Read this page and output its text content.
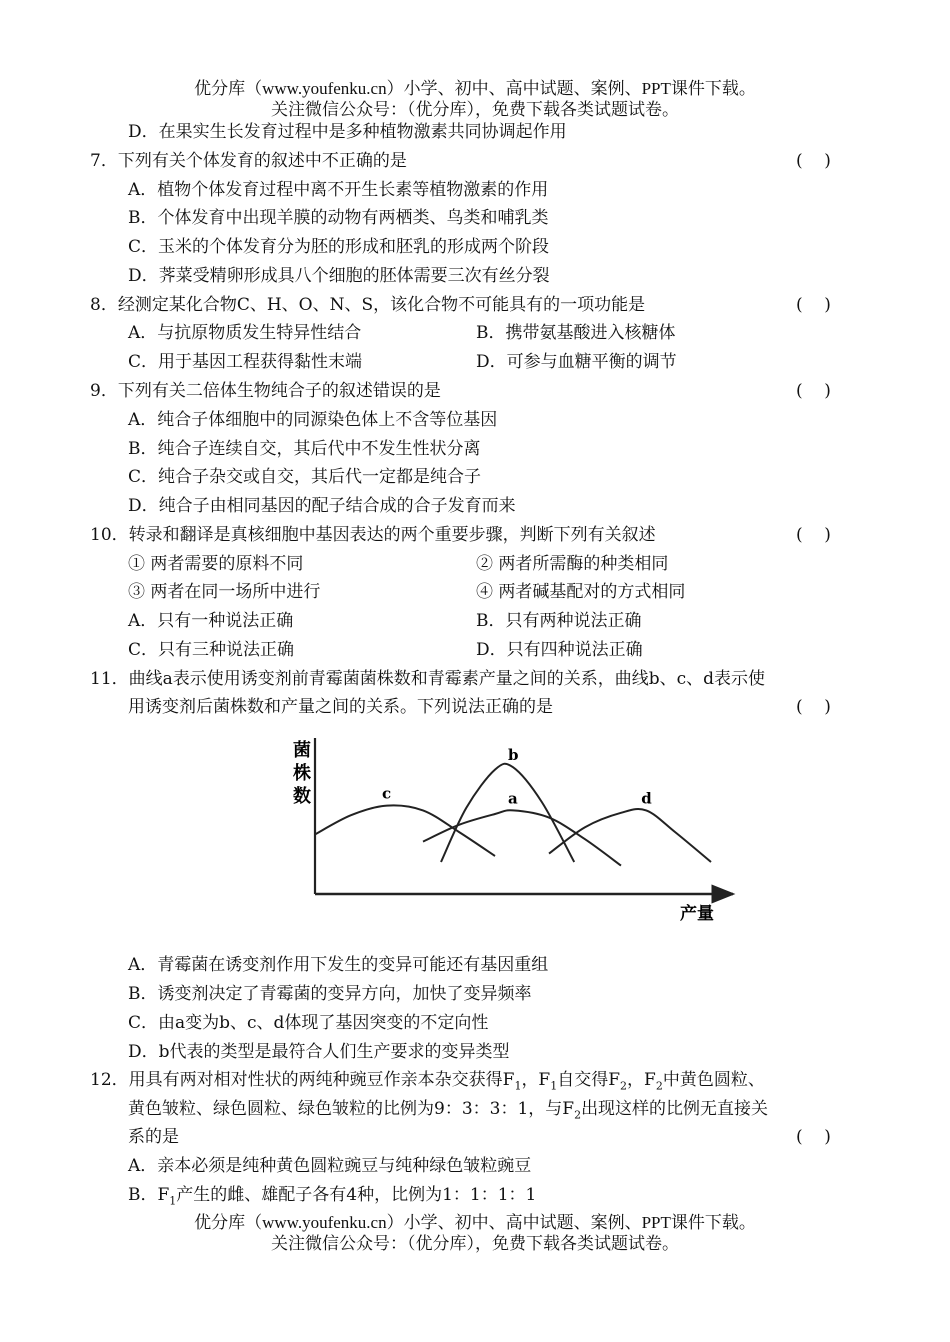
优分库（www.youfenku.cn）小学、初中、高中试题、案例、PPT课件下载。
关注微信公众号：（优分库），免费下载各类试题试卷。
D．在果实生长发育过程中是多种植物激素共同协调起作用
7．下列有关个体发育的叙述中不正确的是	(    )
A．植物个体发育过程中离不开生长素等植物激素的作用
B．个体发育中出现羊膜的动物有两栖类、鸟类和哺乳类
C．玉米的个体发育分为胚的形成和胚乳的形成两个阶段
D．荠菜受精卵形成具八个细胞的胚体需要三次有丝分裂
8．经测定某化合物C、H、O、N、S，该化合物不可能具有的一项功能是	(    )
A．与抗原物质发生特异性结合	B．携带氨基酸进入核糖体
C．用于基因工程获得黏性末端	D．可参与血糖平衡的调节
9．下列有关二倍体生物纯合子的叙述错误的是	(    )
A．纯合子体细胞中的同源染色体上不含等位基因
B．纯合子连续自交，其后代中不发生性状分离
C．纯合子杂交或自交，其后代一定都是纯合子
D．纯合子由相同基因的配子结合成的合子发育而来
10．转录和翻译是真核细胞中基因表达的两个重要步骤，判断下列有关叙述	(    )
① 两者需要的原料不同	② 两者所需酶的种类相同
③ 两者在同一场所中进行	④ 两者碱基配对的方式相同
A．只有一种说法正确	B．只有两种说法正确
C．只有三种说法正确	D．只有四种说法正确
11．曲线a表示使用诱变剂前青霉菌菌株数和青霉素产量之间的关系，曲线b、c、d表示使
用诱变剂后菌株数和产量之间的关系。下列说法正确的是	(    )
菌株数
产量
c	a
b
d
A．青霉菌在诱变剂作用下发生的变异可能还有基因重组
B．诱变剂决定了青霉菌的变异方向，加快了变异频率
C．由a变为b、c、d体现了基因突变的不定向性
D．b代表的类型是最符合人们生产要求的变异类型
12．用具有两对相对性状的两纯种豌豆作亲本杂交获得$F_1$，$F_1$自交得$F_2$，$F_2$中黄色圆粒、
黄色皱粒、绿色圆粒、绿色皱粒的比例为9：3：3：1，与$F_2$出现这样的比例无直接关
系的是	(    )
A．亲本必须是纯种黄色圆粒豌豆与纯种绿色皱粒豌豆
B．$F_1$产生的雌、雄配子各有4种，比例为1：1：1：1
优分库（www.youfenku.cn）小学、初中、高中试题、案例、PPT课件下载。
关注微信公众号：（优分库），免费下载各类试题试卷。
